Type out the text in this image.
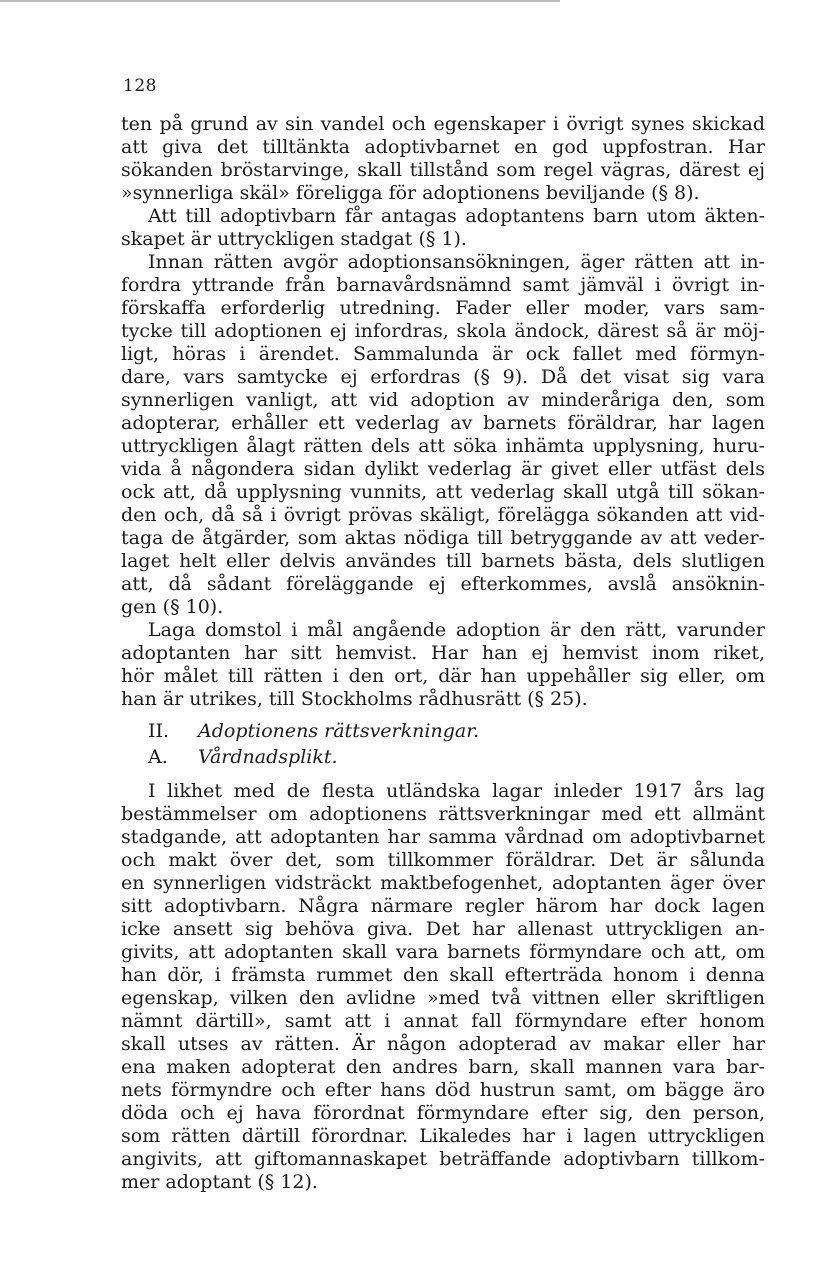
128
ten på grund av sin vandel och egenskaper i övrigt synes skickad
att giva det tilltänkta adoptivbarnet en god uppfostran. Har
sökanden bröstarvinge, skall tillstånd som regel vägras, därest ej
»synnerliga skäl» föreligga för adoptionens beviljande (§ 8).
Att till adoptivbarn får antagas adoptantens barn utom äkten-
skapet är uttryckligen stadgat (§ 1).
Innan rätten avgör adoptionsansökningen, äger rätten att in-
fordra yttrande från barnavårdsnämnd samt jämväl i övrigt in-
förskaffa erforderlig utredning. Fader eller moder, vars sam-
tycke till adoptionen ej infordras, skola ändock, därest så är möj-
ligt, höras i ärendet. Sammalunda är ock fallet med förmyn-
dare, vars samtycke ej erfordras (§ 9). Då det visat sig vara
synnerligen vanligt, att vid adoption av minderåriga den, som
adopterar, erhåller ett vederlag av barnets föräldrar, har lagen
uttryckligen ålagt rätten dels att söka inhämta upplysning, huru-
vida å någondera sidan dylikt vederlag är givet eller utfäst dels
ock att, då upplysning vunnits, att vederlag skall utgå till sökan-
den och, då så i övrigt prövas skäligt, förelägga sökanden att vid-
taga de åtgärder, som aktas nödiga till betryggande av att veder-
laget helt eller delvis användes till barnets bästa, dels slutligen
att, då sådant föreläggande ej efterkommes, avslå ansöknin-
gen (§ 10).
Laga domstol i mål angående adoption är den rätt, varunder
adoptanten har sitt hemvist. Har han ej hemvist inom riket,
hör målet till rätten i den ort, där han uppehåller sig eller, om
han är utrikes, till Stockholms rådhusrätt (§ 25).
II. Adoptionens rättsverkningar.
A. Vårdnadsplikt.
I likhet med de flesta utländska lagar inleder 1917 års lag
bestämmelser om adoptionens rättsverkningar med ett allmänt
stadgande, att adoptanten har samma vårdnad om adoptivbarnet
och makt över det, som tillkommer föräldrar. Det är sålunda
en synnerligen vidsträckt maktbefogenhet, adoptanten äger över
sitt adoptivbarn. Några närmare regler härom har dock lagen
icke ansett sig behöva giva. Det har allenast uttryckligen an-
givits, att adoptanten skall vara barnets förmyndare och att, om
han dör, i främsta rummet den skall efterträda honom i denna
egenskap, vilken den avlidne »med två vittnen eller skriftligen
nämnt därtill», samt att i annat fall förmyndare efter honom
skall utses av rätten. Är någon adopterad av makar eller har
ena maken adopterat den andres barn, skall mannen vara bar-
nets förmyndre och efter hans död hustrun samt, om bägge äro
döda och ej hava förordnat förmyndare efter sig, den person,
som rätten därtill förordnar. Likaledes har i lagen uttryckligen
angivits, att giftomannaskapet beträffande adoptivbarn tillkom-
mer adoptant (§ 12).
